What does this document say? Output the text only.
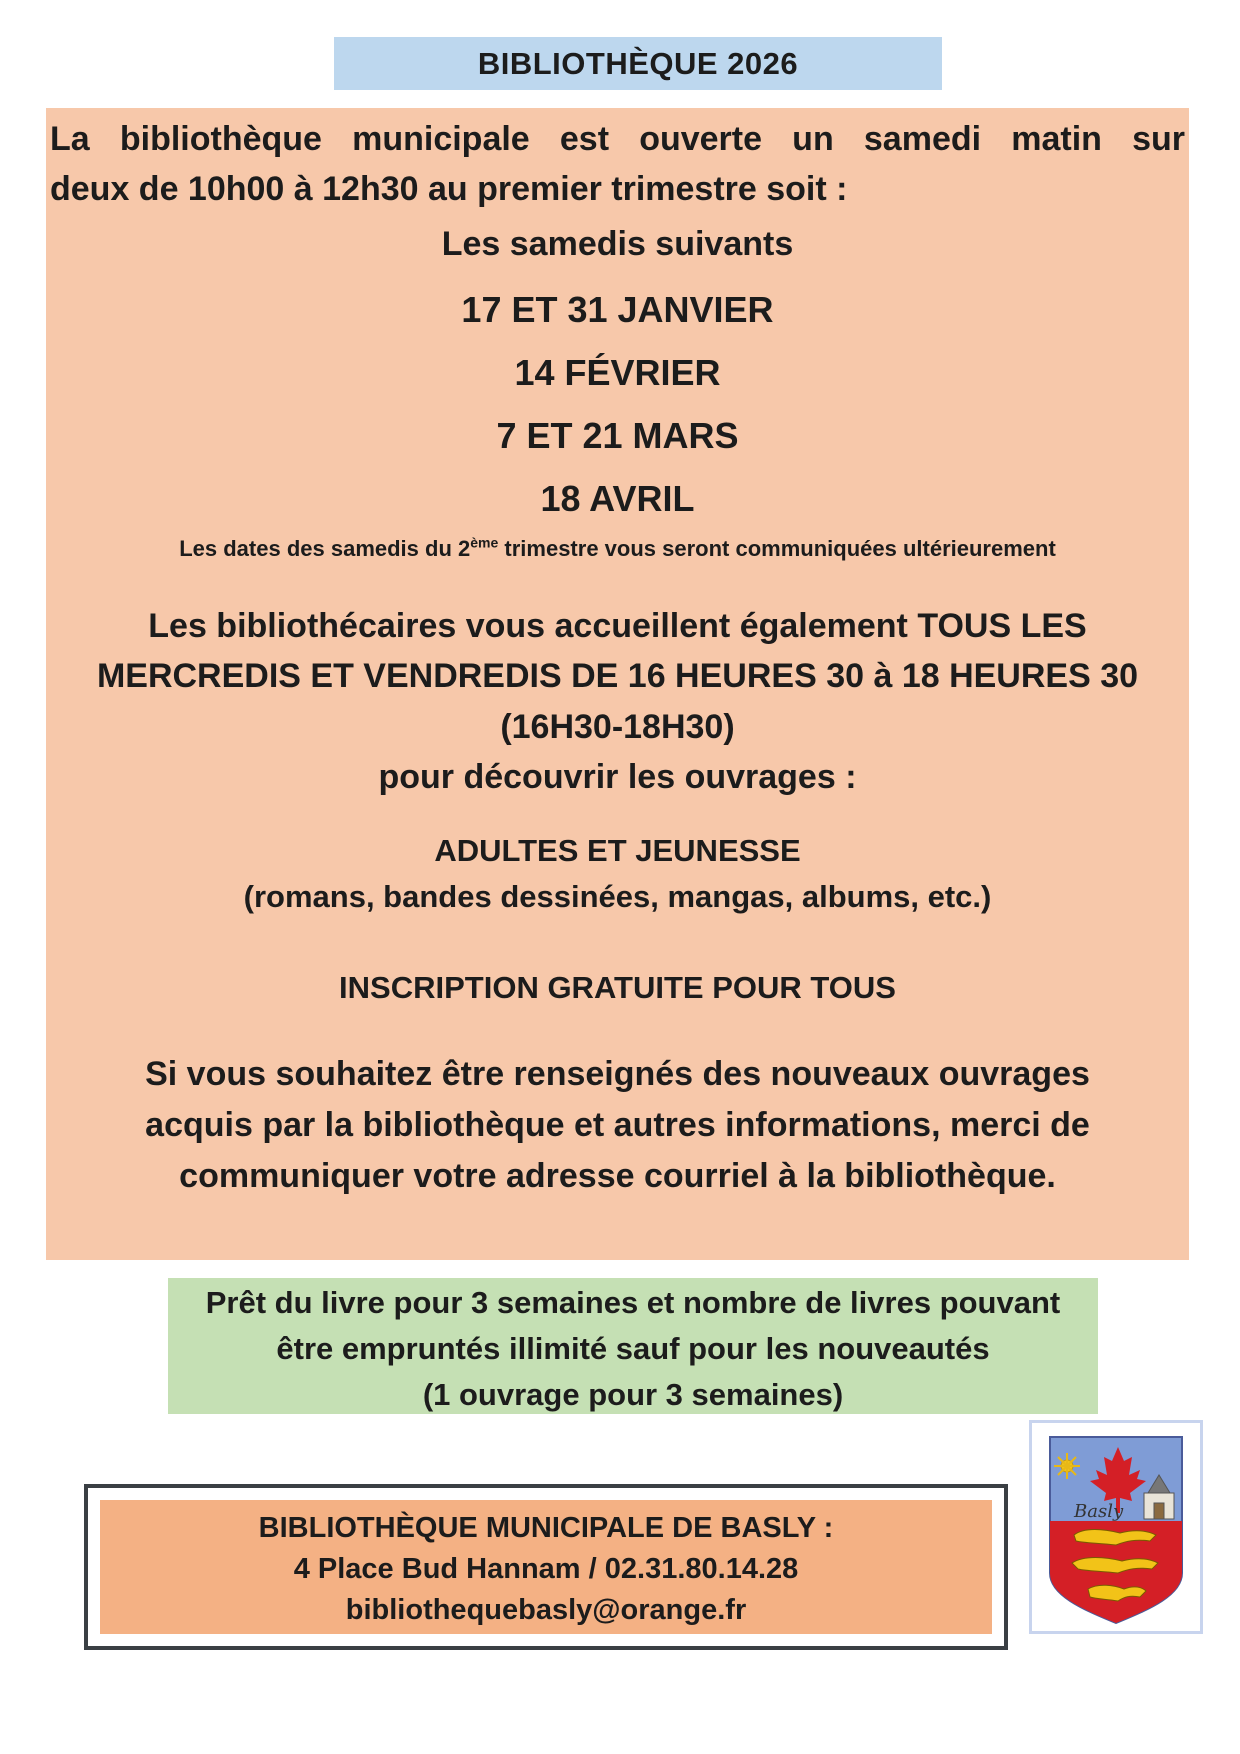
BIBLIOTHÈQUE 2026
La bibliothèque municipale est ouverte un samedi matin sur
deux de 10h00 à 12h30 au premier trimestre soit :
Les samedis suivants
17 ET 31 JANVIER
14 FÉVRIER
7 ET 21 MARS
18 AVRIL
Les dates des samedis du 2ème trimestre vous seront communiquées ultérieurement
Les bibliothécaires vous accueillent également TOUS LES
MERCREDIS ET VENDREDIS DE 16 HEURES 30 à 18 HEURES 30
(16H30-18H30)
pour découvrir les ouvrages :
ADULTES ET JEUNESSE
(romans, bandes dessinées, mangas, albums, etc.)
INSCRIPTION GRATUITE POUR TOUS
Si vous souhaitez être renseignés des nouveaux ouvrages
acquis par la bibliothèque et autres informations, merci de
communiquer votre adresse courriel à la bibliothèque.
Prêt du livre pour 3 semaines et nombre de livres pouvant
être empruntés illimité sauf pour les nouveautés
(1 ouvrage pour 3 semaines)
BIBLIOTHÈQUE MUNICIPALE DE BASLY :
4 Place Bud Hannam / 02.31.80.14.28
bibliothequebasly@orange.fr
Basly
